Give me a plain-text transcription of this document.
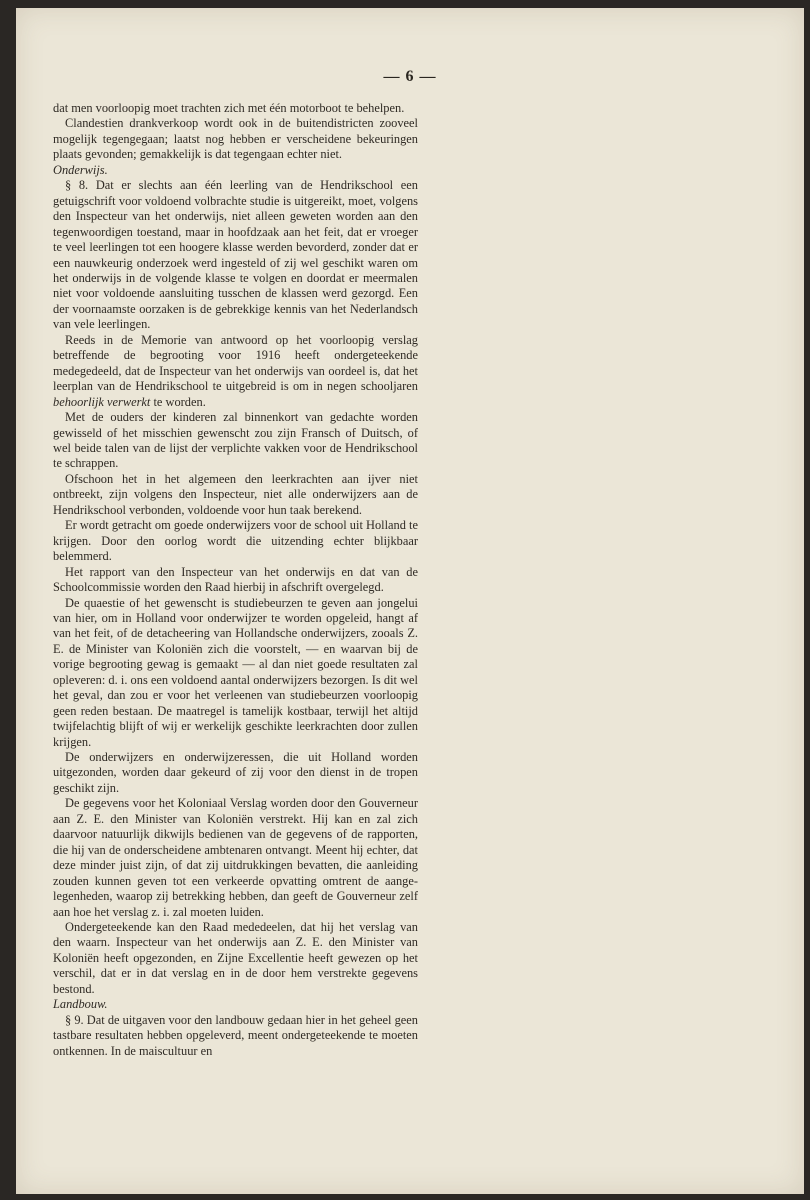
— 6 —

dat men voorloopig moet trachten zich met één motorboot te behelpen.

Clandestien drankverkoop wordt ook in de buitendistricten zooveel mogelijk tegengegaan; laatst nog hebben er verscheidene bekeuringen plaats gevonden; gemakkelijk is dat tegengaan echter niet.

Onderwijs.

§ 8. Dat er slechts aan één leerling van de Hendrikschool een getuigschrift voor voldoend volbrachte studie is uitgereikt, moet, volgens den Inspecteur van het onderwijs, niet alleen geweten worden aan den tegenwoordigen toestand, maar in hoofdzaak aan het feit, dat er vroeger te veel leerlingen tot een hoogere klasse werden bevorderd, zonder dat er een nauwkeurig onderzoek werd ingesteld of zij wel geschikt waren om het onderwijs in de volgende klasse te volgen en doordat er meermalen niet voor voldoende aansluiting tusschen de klassen werd gezorgd. Een der voornaamste oorzaken is de gebrekkige kennis van het Nederlandsch van vele leerlingen.

Reeds in de Memorie van antwoord op het voorloopig verslag betreffende de begrooting voor 1916 heeft ondergeteekende medegedeeld, dat de Inspecteur van het onderwijs van oordeel is, dat het leerplan van de Hendrikschool te uitgebreid is om in negen schooljaren behoorlijk verwerkt te worden.

Met de ouders der kinderen zal binnenkort van gedachte worden gewisseld of het misschien gewenscht zou zijn Fransch of Duitsch, of wel beide talen van de lijst der verplichte vakken voor de Hendrikschool te schrappen.

Ofschoon het in het algemeen den leerkrachten aan ijver niet ontbreekt, zijn volgens den Inspecteur, niet alle onderwijzers aan de Hendrikschool verbonden, voldoende voor hun taak berekend.

Er wordt getracht om goede onderwijzers voor de school uit Holland te krijgen. Door den oorlog wordt die uitzending echter blijkbaar belemmerd.

Het rapport van den Inspecteur van het onderwijs en dat van de Schoolcommissie worden den Raad hierbij in afschrift overgelegd.

De quaestie of het gewenscht is studiebeurzen te geven aan jongelui van hier, om in Holland voor onderwijzer te worden opgeleid, hangt af van het feit, of de detacheering van Hollandsche onderwijzers, zooals Z. E. de Minister van Koloniën zich die voorstelt, — en waarvan bij de vorige begrooting gewag is gemaakt — al dan niet goede resultaten zal opleveren: d. i. ons een voldoend aantal onderwijzers bezorgen. Is dit wel het geval, dan zou er voor het verleenen van studiebeurzen voorloopig geen reden bestaan. De maatregel is tamelijk kostbaar, terwijl het altijd twijfelachtig blijft of wij er werkelijk geschikte leerkrachten door zullen krijgen.

De onderwijzers en onderwijzeressen, die uit Holland worden uitgezonden, worden daar gekeurd of zij voor den dienst in de tropen geschikt zijn.

De gegevens voor het Koloniaal Verslag worden door den Gouverneur aan Z. E. den Minister van Koloniën verstrekt. Hij kan en zal zich daarvoor natuurlijk dikwijls bedienen van de gegevens of de rapporten, die hij van de onderscheidene ambtenaren ontvangt. Meent hij echter, dat deze minder juist zijn, of dat zij uitdrukkingen bevatten, die aanleiding zouden kunnen geven tot een verkeerde opvatting omtrent de aangelegenheden, waarop zij betrekking hebben, dan geeft de Gouverneur zelf aan hoe het verslag z. i. zal moeten luiden.

Ondergeteekende kan den Raad mededeelen, dat hij het verslag van den waarn. Inspecteur van het onderwijs aan Z. E. den Minister van Koloniën heeft opgezonden, en Zijne Excellentie heeft gewezen op het verschil, dat er in dat verslag en in de door hem verstrekte gegevens bestond.

Landbouw.

§ 9. Dat de uitgaven voor den landbouw gedaan hier in het geheel geen tastbare resultaten hebben opgeleverd, meent ondergeteekende te moeten ontkennen. In de maiscultuur en
